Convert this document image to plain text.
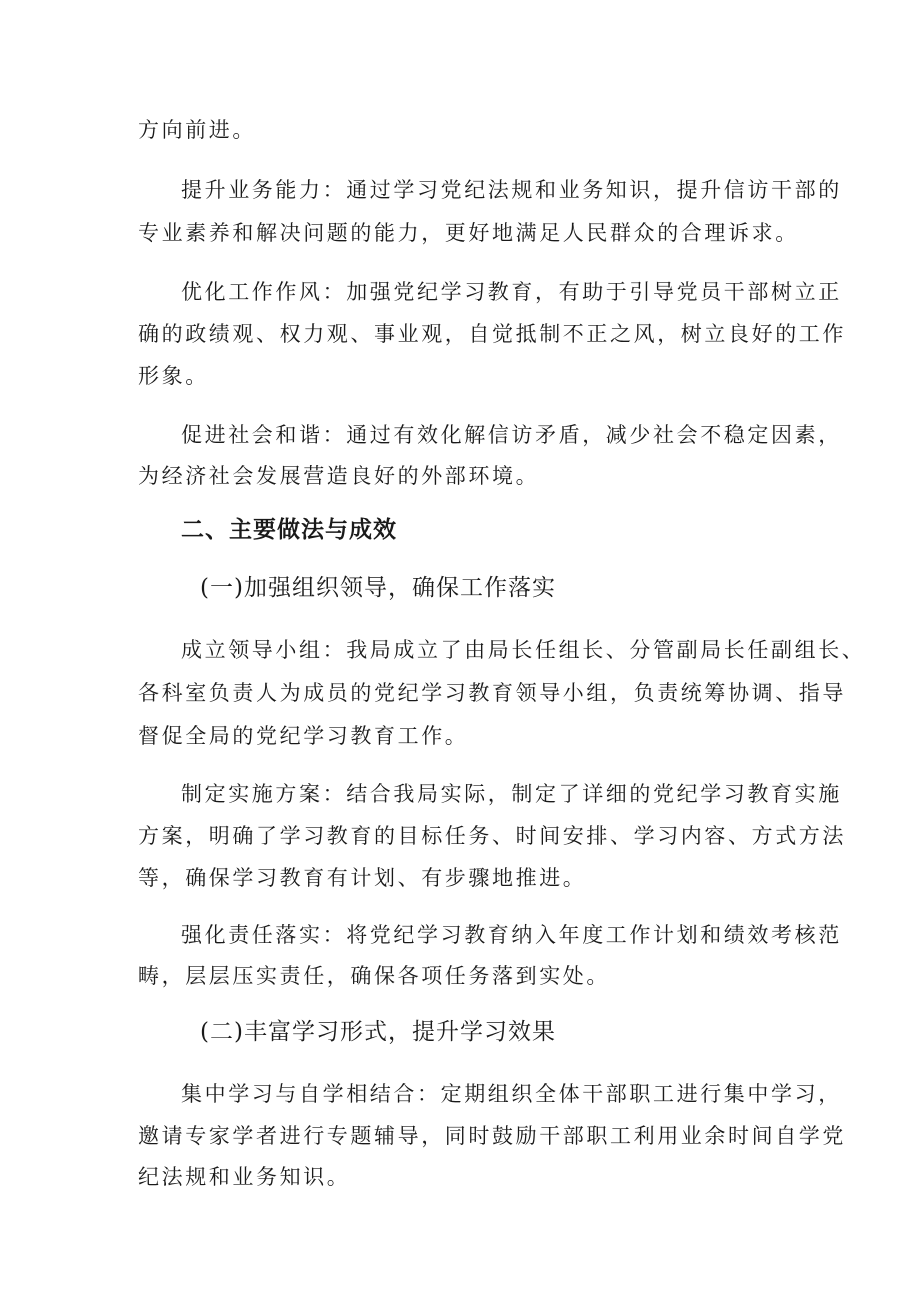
方向前进。
提升业务能力：通过学习党纪法规和业务知识，提升信访干部的
专业素养和解决问题的能力，更好地满足人民群众的合理诉求。
优化工作作风：加强党纪学习教育，有助于引导党员干部树立正
确的政绩观、权力观、事业观，自觉抵制不正之风，树立良好的工作
形象。
促进社会和谐：通过有效化解信访矛盾，减少社会不稳定因素，
为经济社会发展营造良好的外部环境。
二、主要做法与成效
(一)加强组织领导，确保工作落实
成立领导小组：我局成立了由局长任组长、分管副局长任副组长、
各科室负责人为成员的党纪学习教育领导小组，负责统筹协调、指导
督促全局的党纪学习教育工作。
制定实施方案：结合我局实际，制定了详细的党纪学习教育实施
方案，明确了学习教育的目标任务、时间安排、学习内容、方式方法
等，确保学习教育有计划、有步骤地推进。
强化责任落实：将党纪学习教育纳入年度工作计划和绩效考核范
畴，层层压实责任，确保各项任务落到实处。
(二)丰富学习形式，提升学习效果
集中学习与自学相结合：定期组织全体干部职工进行集中学习，
邀请专家学者进行专题辅导，同时鼓励干部职工利用业余时间自学党
纪法规和业务知识。
